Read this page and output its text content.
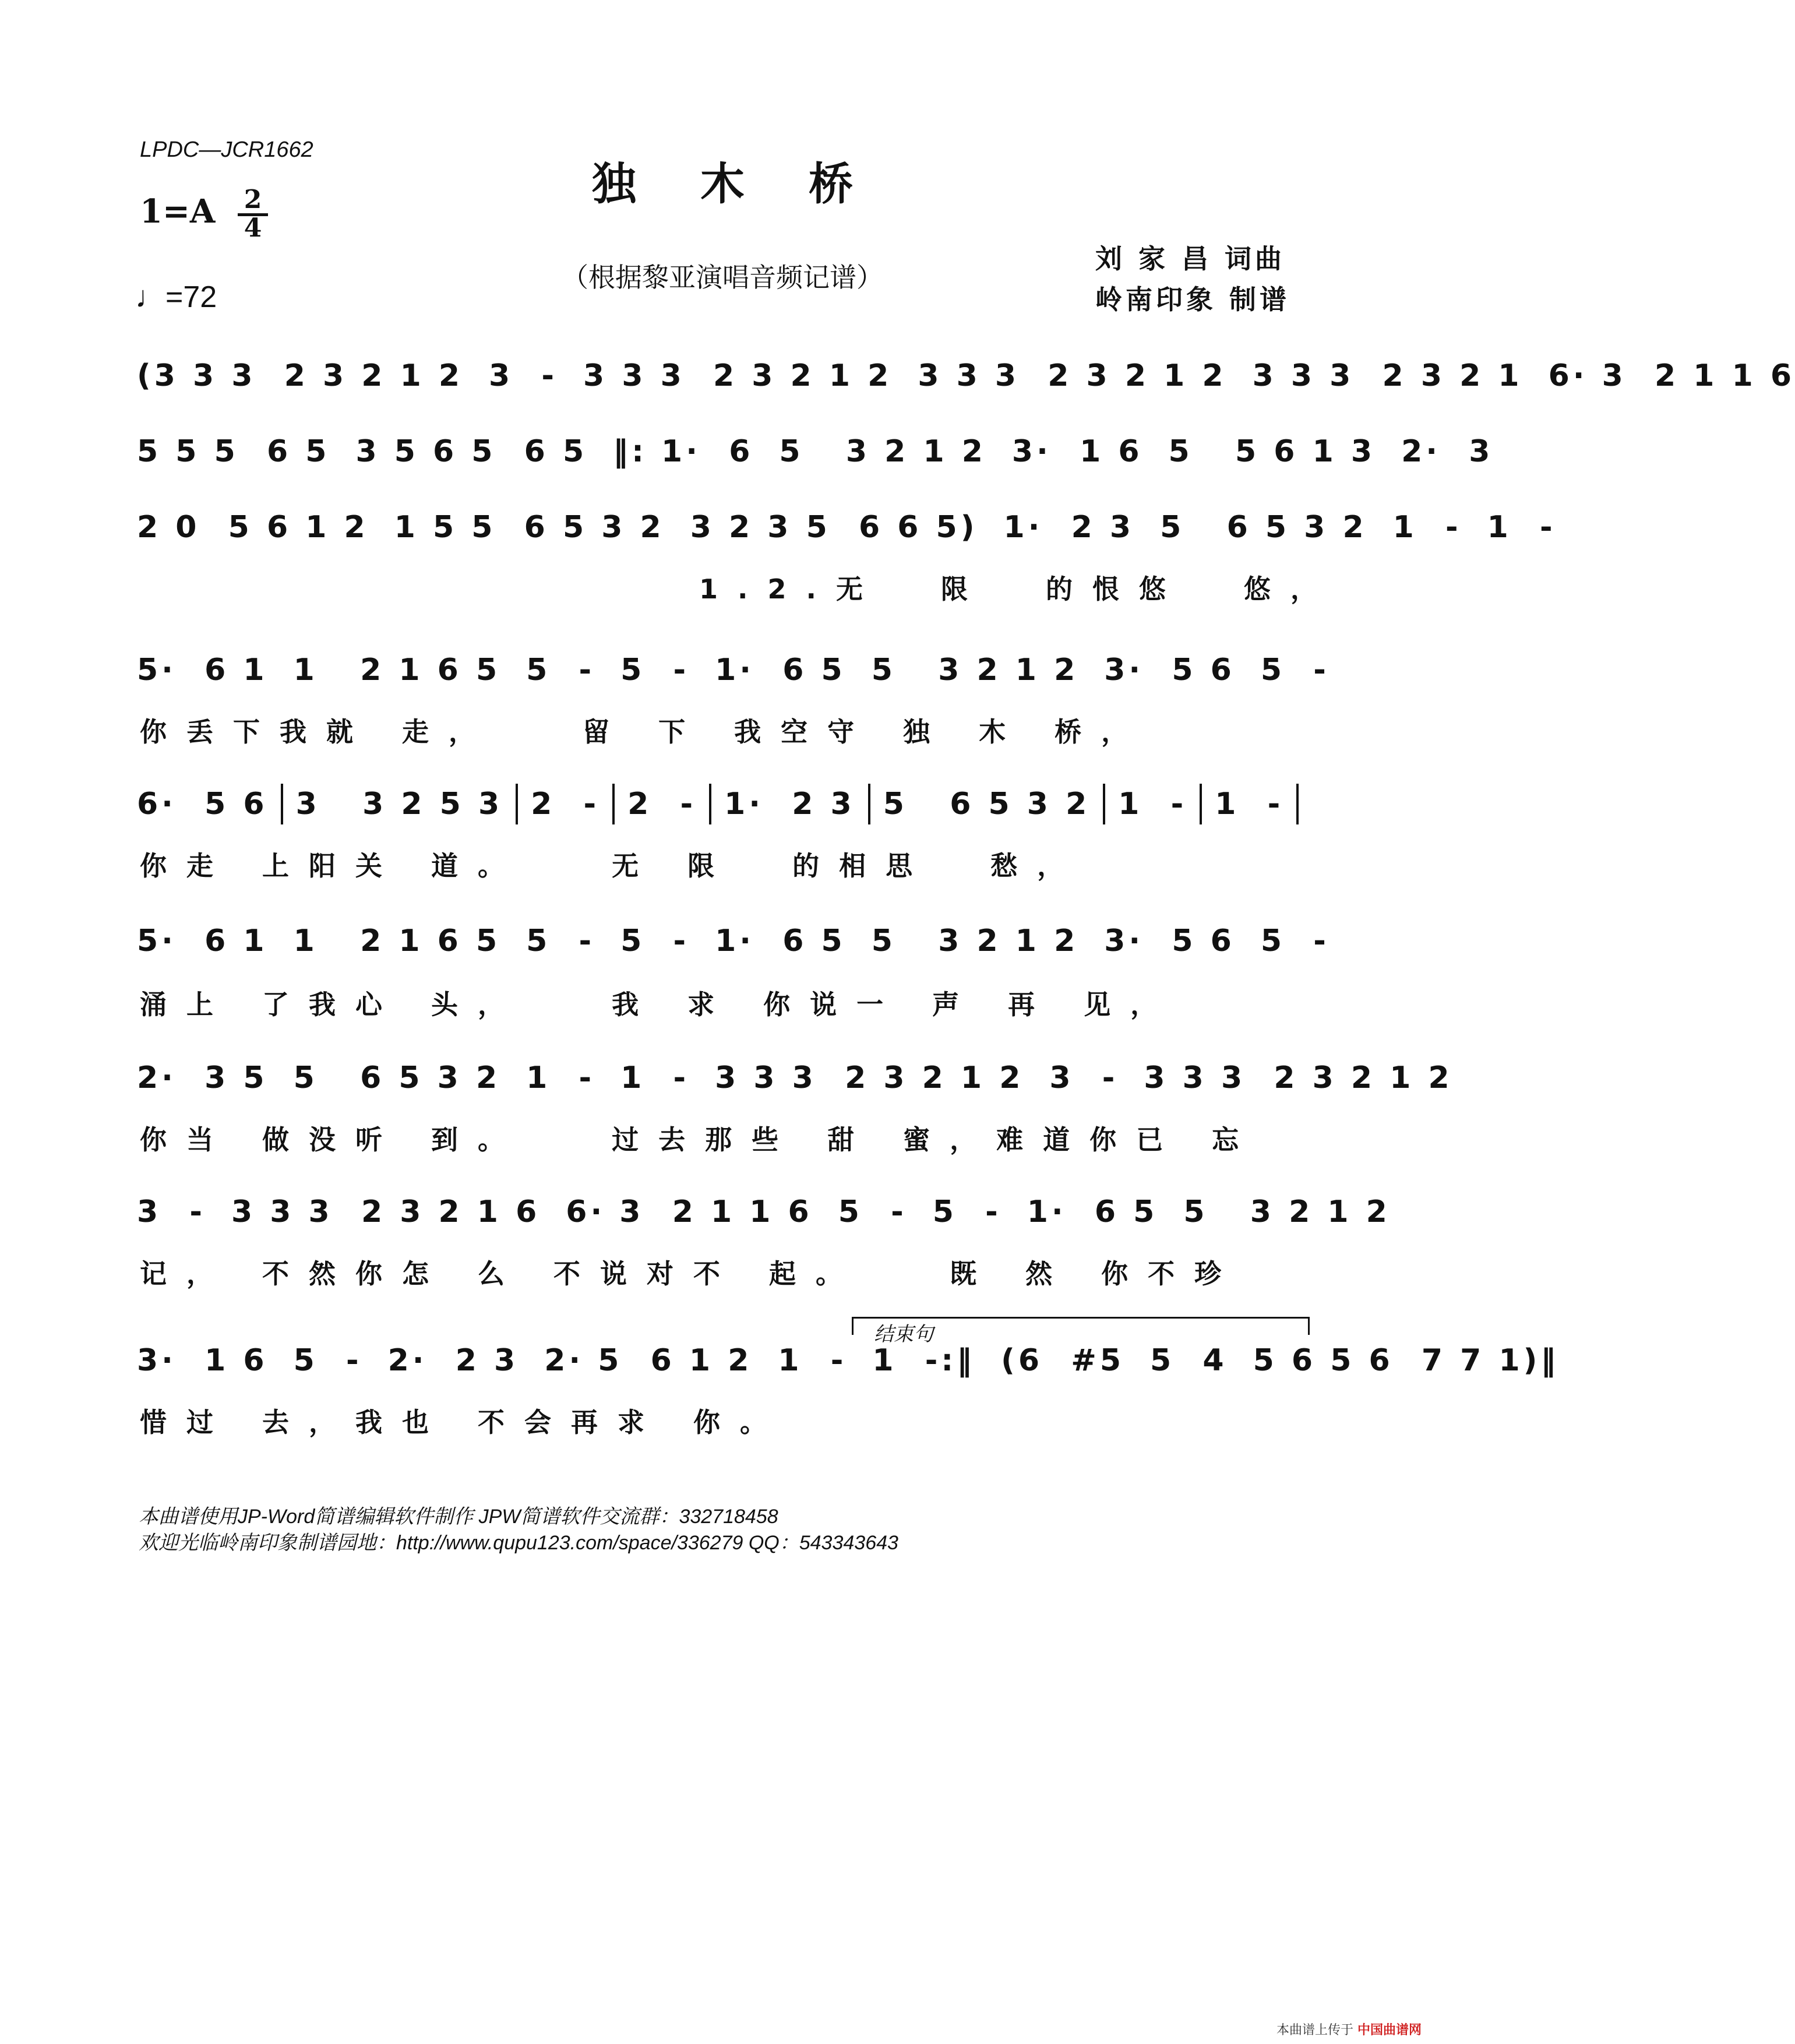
LPDC—JCR1662
独木桥
1=A 2
4
♩=72
（根据黎亚演唱音频记谱）
刘 家 昌 词曲
岭南印象 制谱
(3 3 3  2 3 2 1 2 3  - 3 3 3  2 3 2 1 2 3 3 3  2 3 2 1 2 3 3 3  2 3 2 1 6· 3  2 1 1 6
5 5 5  6 5 3 5 6 5  6 5 ‖: 1·  6 5   3 2 1 2 3·  1 6 5   5 6 1 3 2·  3
2 0  5 6 1 2 1 5 5  6 5 3 2 3 2 3 5  6 6 5) 1·  2 3 5   6 5 3 2 1  - 1  -
1.2.无  限  的恨悠  悠，
5·  6 1 1   2 1 6 5 5  - 5  - 1·  6 5 5   3 2 1 2 3·  5 6 5  -
你丢下我就 走，   留 下 我空守 独 木 桥，
6·  5 6 3   3 2 5 3 2  - 2  - 1·  2 3 5   6 5 3 2 1  - 1  -
你走 上阳关 道。   无 限  的相思  愁，
5·  6 1 1   2 1 6 5 5  - 5  - 1·  6 5 5   3 2 1 2 3·  5 6 5  -
涌上 了我心 头，   我 求 你说一 声 再 见，
2·  3 5 5   6 5 3 2 1  - 1  - 3 3 3  2 3 2 1 2 3  - 3 3 3  2 3 2 1 2
你当 做没听 到。   过去那些 甜 蜜，难道你已 忘
3  - 3 3 3  2 3 2 1 6 6· 3  2 1 1 6 5  - 5  - 1·  6 5 5   3 2 1 2
记， 不然你怎 么 不说对不 起。   既 然 你不珍
结束句
3·  1 6 5  - 2·  2 3 2· 5  6 1 2 1  - 1  -:‖ (6  #5 5  4 5 6 5 6  7 7 1)‖
惜过 去，我也 不会再求 你。
本曲谱使用JP-Word简谱编辑软件制作 JPW简谱软件交流群：332718458
欢迎光临岭南印象制谱园地：http://www.qupu123.com/space/336279 QQ：543343643
本曲谱上传于 中国曲谱网
